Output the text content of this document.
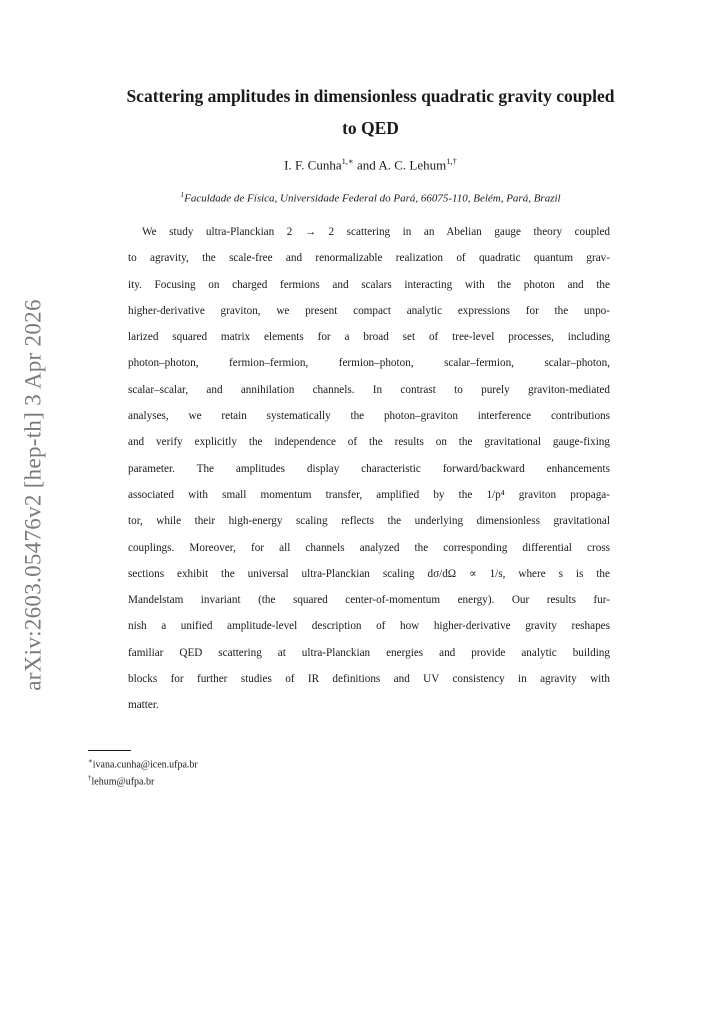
arXiv:2603.05476v2 [hep-th] 3 Apr 2026
Scattering amplitudes in dimensionless quadratic gravity coupled
to QED
I. F. Cunha$^{1,∗}$ and A. C. Lehum$^{1,\dagger}$
$^1$Faculdade de Física, Universidade Federal do Pará, 66075-110, Belém, Pará, Brazil
We study ultra-Planckian 2 → 2 scattering in an Abelian gauge theory coupled
to agravity, the scale-free and renormalizable realization of quadratic quantum grav-
ity. Focusing on charged fermions and scalars interacting with the photon and the
higher-derivative graviton, we present compact analytic expressions for the unpo-
larized squared matrix elements for a broad set of tree-level processes, including
photon–photon, fermion–fermion, fermion–photon, scalar–fermion, scalar–photon,
scalar–scalar, and annihilation channels. In contrast to purely graviton-mediated
analyses, we retain systematically the photon–graviton interference contributions
and verify explicitly the independence of the results on the gravitational gauge-fixing
parameter. The amplitudes display characteristic forward/backward enhancements
associated with small momentum transfer, amplified by the 1/p⁴ graviton propaga-
tor, while their high-energy scaling reflects the underlying dimensionless gravitational
couplings. Moreover, for all channels analyzed the corresponding differential cross
sections exhibit the universal ultra-Planckian scaling dσ/dΩ ∝ 1/s, where s is the
Mandelstam invariant (the squared center-of-momentum energy). Our results fur-
nish a unified amplitude-level description of how higher-derivative gravity reshapes
familiar QED scattering at ultra-Planckian energies and provide analytic building
blocks for further studies of IR definitions and UV consistency in agravity with
matter.
∗ivana.cunha@icen.ufpa.br
†lehum@ufpa.br
